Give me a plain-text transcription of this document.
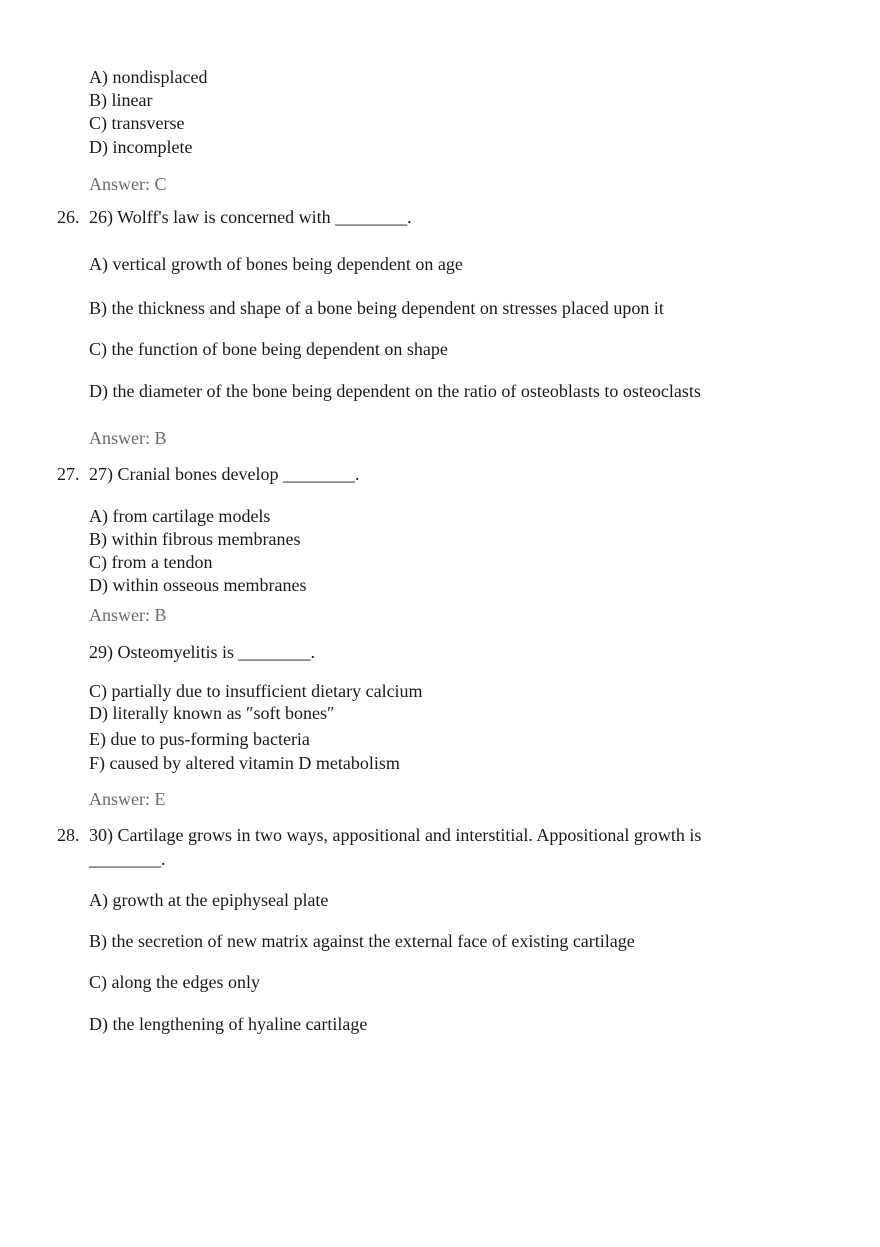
A) nondisplaced
B) linear
C) transverse
D) incomplete
Answer: C
26. 26) Wolff's law is concerned with ________.
A) vertical growth of bones being dependent on age
B) the thickness and shape of a bone being dependent on stresses placed upon it
C) the function of bone being dependent on shape
D) the diameter of the bone being dependent on the ratio of osteoblasts to osteoclasts
Answer: B
27. 27) Cranial bones develop ________.
A) from cartilage models
B) within fibrous membranes
C) from a tendon
D) within osseous membranes
Answer: B
29) Osteomyelitis is ________.
C) partially due to insufficient dietary calcium
D) literally known as ″soft bones″
E) due to pus-forming bacteria
F) caused by altered vitamin D metabolism
Answer: E
28. 30) Cartilage grows in two ways, appositional and interstitial. Appositional growth is
________.
A) growth at the epiphyseal plate
B) the secretion of new matrix against the external face of existing cartilage
C) along the edges only
D) the lengthening of hyaline cartilage
